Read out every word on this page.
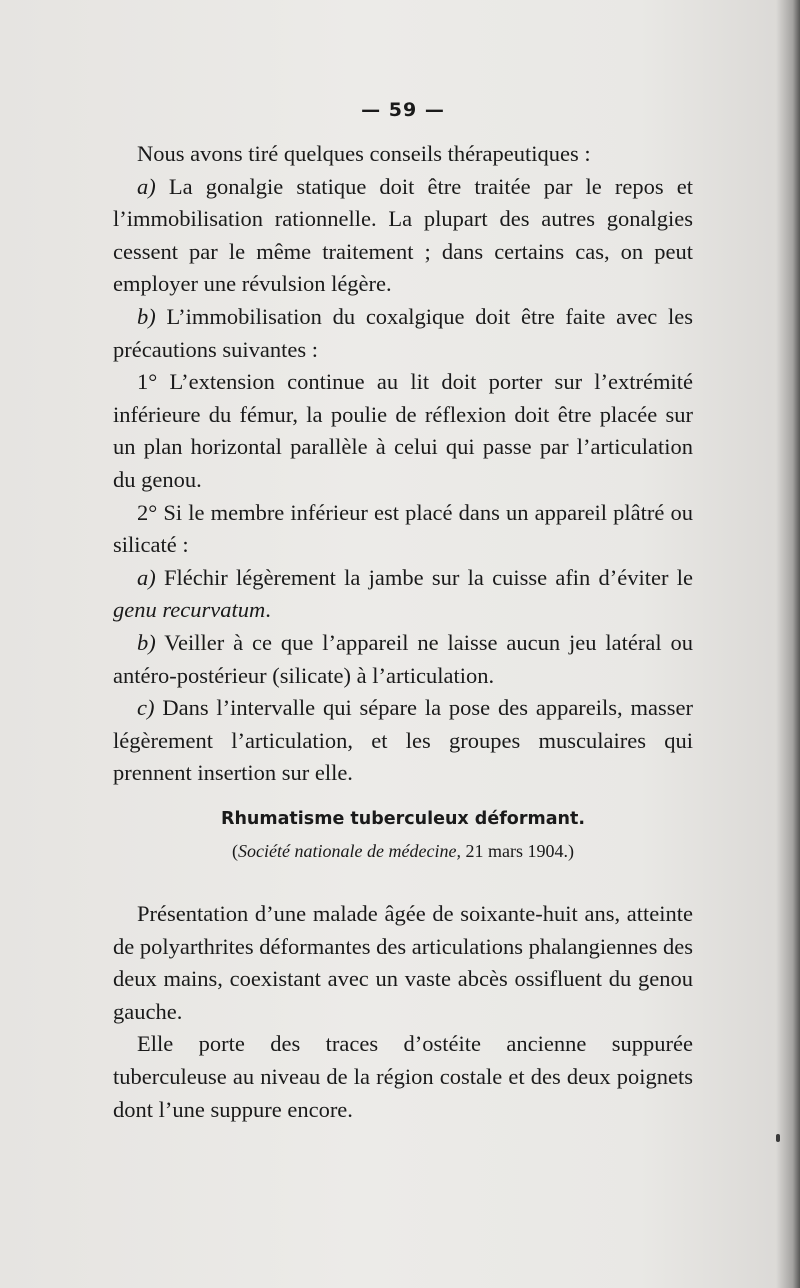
— 59 —

Nous avons tiré quelques conseils thérapeutiques :

a) La gonalgie statique doit être traitée par le repos et l’immobilisation rationnelle. La plupart des autres gonalgies cessent par le même traitement ; dans certains cas, on peut employer une révulsion légère.

b) L’immobilisation du coxalgique doit être faite avec les précautions suivantes :

1° L’extension continue au lit doit porter sur l’extrémité inférieure du fémur, la poulie de réflexion doit être placée sur un plan horizontal parallèle à celui qui passe par l’articulation du genou.

2° Si le membre inférieur est placé dans un appareil plâtré ou silicaté :

a) Fléchir légèrement la jambe sur la cuisse afin d’éviter le genu recurvatum.

b) Veiller à ce que l’appareil ne laisse aucun jeu latéral ou antéro-postérieur (silicate) à l’articulation.

c) Dans l’intervalle qui sépare la pose des appareils, masser légèrement l’articulation, et les groupes musculaires qui prennent insertion sur elle.

Rhumatisme tuberculeux déformant.
(Société nationale de médecine, 21 mars 1904.)

Présentation d’une malade âgée de soixante-huit ans, atteinte de polyarthrites déformantes des articulations phalangiennes des deux mains, coexistant avec un vaste abcès ossifluent du genou gauche.

Elle porte des traces d’ostéite ancienne suppurée tuberculeuse au niveau de la région costale et des deux poignets dont l’une suppure encore.
